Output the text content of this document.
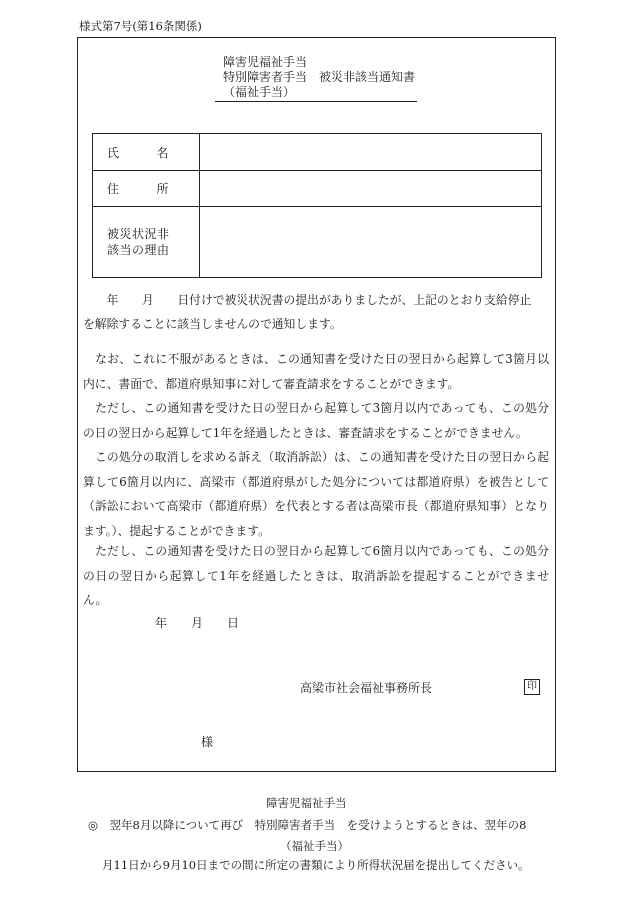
様式第7号(第16条関係)
障害児福祉手当
特別障害者手当　被災非該当通知書
（福祉手当）
氏 名	

住 所	

被災状況非
該当の理由	

　　年　　月　　日付けで被災状況書の提出がありましたが、上記のとおり支給停止
を解除することに該当しませんので通知します。
　なお、これに不服があるときは、この通知書を受けた日の翌日から起算して3箇月以内に、書面で、都道府県知事に対して審査請求をすることができます。
　ただし、この通知書を受けた日の翌日から起算して3箇月以内であっても、この処分の日の翌日から起算して1年を経過したときは、審査請求をすることができません。
　この処分の取消しを求める訴え（取消訴訟）は、この通知書を受けた日の翌日から起算して6箇月以内に、高梁市（都道府県がした処分については都道府県）を被告として（訴訟において高梁市（都道府県）を代表とする者は高梁市長（都道府県知事）となります。）、提起することができます。
　ただし、この通知書を受けた日の翌日から起算して6箇月以内であっても、この処分の日の翌日から起算して1年を経過したときは、取消訴訟を提起することができません。
年　　月　　日
高梁市社会福祉事務所長	印
様
障害児福祉手当
◎　翌年8月以降について再び　特別障害者手当　を受けようとするときは、翌年の8
（福祉手当）
月11日から9月10日までの間に所定の書類により所得状況届を提出してください。
